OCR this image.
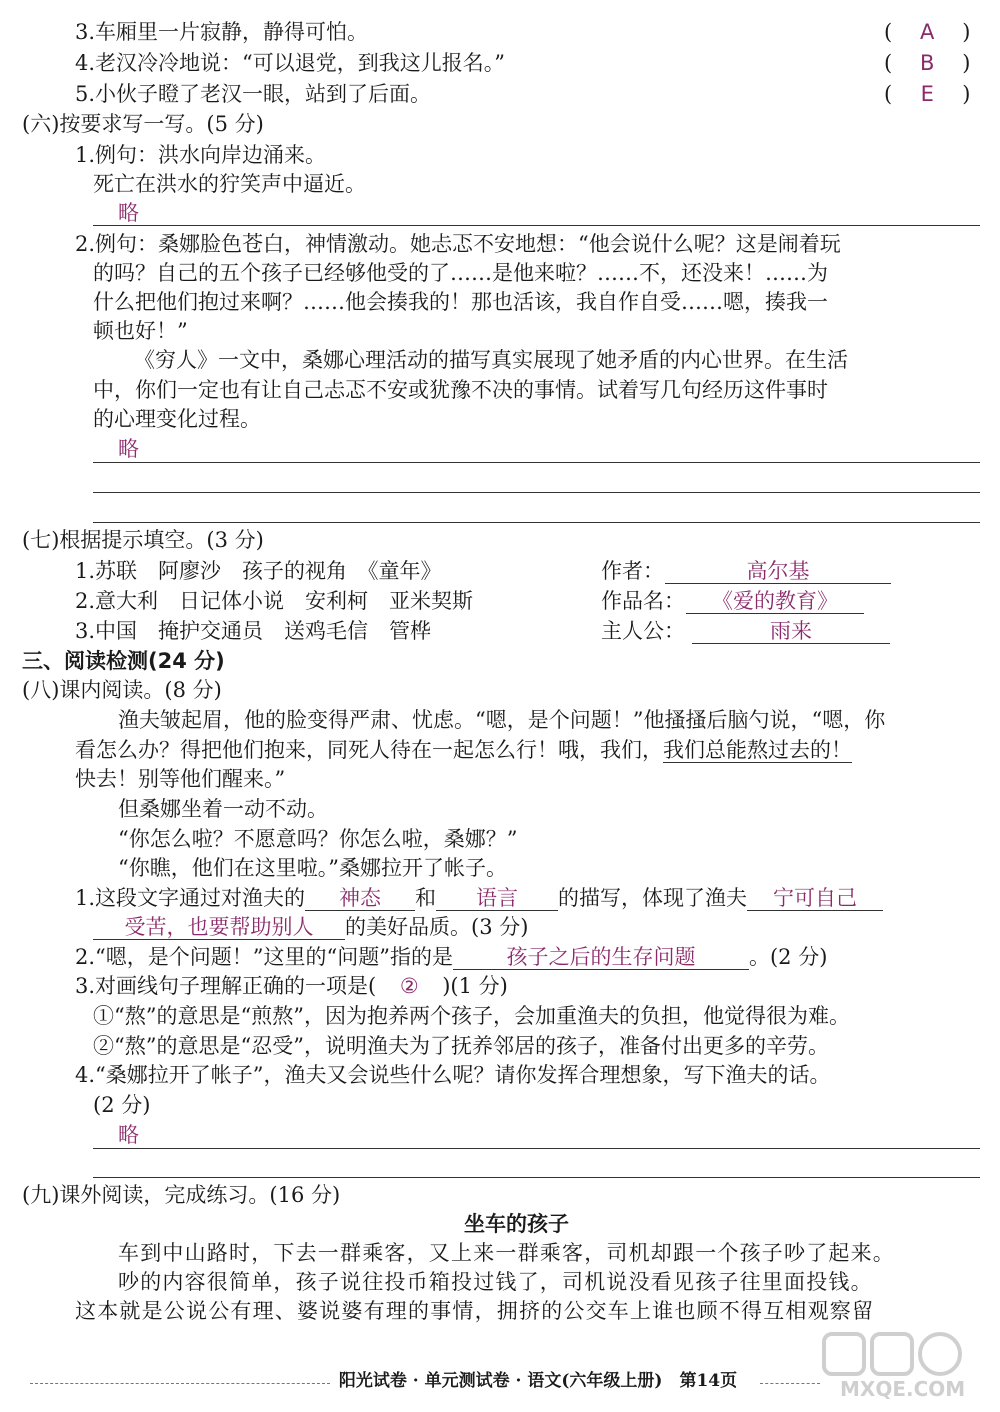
3.车厢里一片寂静，静得可怕。	( A )
4.老汉冷冷地说：“可以退党，到我这儿报名。”	( B )
5.小伙子瞪了老汉一眼，站到了后面。	( E )
(六)按要求写一写。(5 分)
1.例句：洪水向岸边涌来。
死亡在洪水的狞笑声中逼近。
略
2.例句：桑娜脸色苍白，神情激动。她忐忑不安地想：“他会说什么呢？这是闹着玩
的吗？自己的五个孩子已经够他受的了……是他来啦？……不，还没来！……为
什么把他们抱过来啊？……他会揍我的！那也活该，我自作自受……嗯，揍我一
顿也好！”
《穷人》一文中，桑娜心理活动的描写真实展现了她矛盾的内心世界。在生活
中，你们一定也有让自己忐忑不安或犹豫不决的事情。试着写几句经历这件事时
的心理变化过程。
略
(七)根据提示填空。(3 分)
1.苏联　阿廖沙　孩子的视角　《童年》	作者：	高尔基
2.意大利　日记体小说　安利柯　亚米契斯	作品名：	《爱的教育》
3.中国　掩护交通员　送鸡毛信　管桦	主人公：	雨来
三、阅读检测(24 分)
(八)课内阅读。(8 分)
渔夫皱起眉，他的脸变得严肃、忧虑。“嗯，是个问题！”他搔搔后脑勺说，“嗯，你
看怎么办？得把他们抱来，同死人待在一起怎么行！哦，我们，我们总能熬过去的！
快去！别等他们醒来。”
但桑娜坐着一动不动。
“你怎么啦？不愿意吗？你怎么啦，桑娜？”
“你瞧，他们在这里啦。”桑娜拉开了帐子。
1.这段文字通过对渔夫的 神态 和 语言 的描写，体现了渔夫 宁可自己
受苦，也要帮助别人 的美好品质。(3 分)
2.“嗯，是个问题！”这里的“问题”指的是	孩子之后的生存问题	。(2 分)
3.对画线句子理解正确的一项是( ② )(1 分)
①“熬”的意思是“煎熬”，因为抱养两个孩子，会加重渔夫的负担，他觉得很为难。
②“熬”的意思是“忍受”，说明渔夫为了抚养邻居的孩子，准备付出更多的辛劳。
4.“桑娜拉开了帐子”，渔夫又会说些什么呢？请你发挥合理想象，写下渔夫的话。
(2 分)
略
(九)课外阅读，完成练习。(16 分)
坐车的孩子
车到中山路时，下去一群乘客，又上来一群乘客，司机却跟一个孩子吵了起来。
吵的内容很简单，孩子说往投币箱投过钱了，司机说没看见孩子往里面投钱。
这本就是公说公有理、婆说婆有理的事情，拥挤的公交车上谁也顾不得互相观察留
阳光试卷 · 单元测试卷 · 语文(六年级上册)　第14页	MXQE.COM
